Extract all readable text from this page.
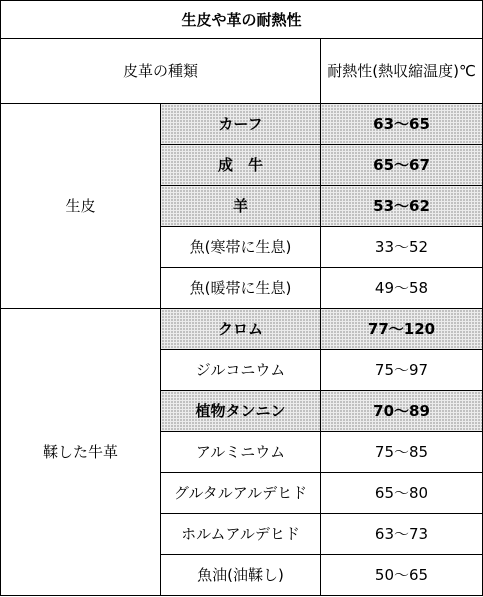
生皮や革の耐熱性		
皮革の種類		耐熱性(熱収縮温度)℃
生皮	カーフ	63～65
	成　牛	65～67
	羊	53～62
	魚(寒帯に生息)	33～52
	魚(暖帯に生息)	49～58
鞣した牛革	クロム	77～120
	ジルコニウム	75～97
	植物タンニン	70～89
	アルミニウム	75～85
	グルタルアルデヒド	65～80
	ホルムアルデヒド	63～73
	魚油(油鞣し)	50～65
